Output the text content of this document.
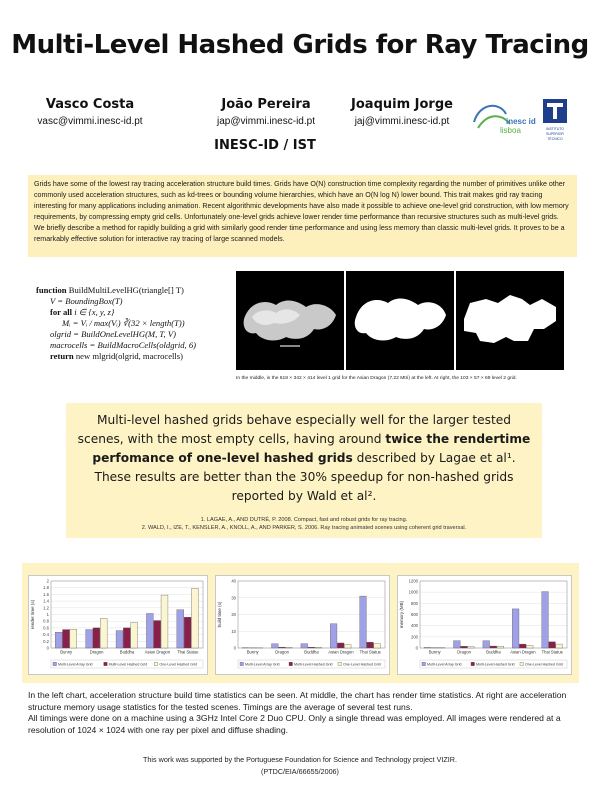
Multi-Level Hashed Grids for Ray Tracing
Vasco Costa
vasc@vimmi.inesc-id.pt
João Pereira
jap@vimmi.inesc-id.pt
Joaquim Jorge
jaj@vimmi.inesc-id.pt
INESC-ID / IST
inesc id
lisboa	INSTITUTO
SUPERIOR
TÉCNICO
Grids have some of the lowest ray tracing acceleration structure build times. Grids have O(N) construction time complexity regarding the number of primitives unlike other commonly used acceleration structures, such as kd-trees or bounding volume hierarchies, which have an O(N log N) lower bound. This trait makes grid ray tracing interesting for many applications including animation. Recent algorithmic developments have also made it possible to achieve one-level grid construction, with low memory requirements, by compressing empty grid cells. Unfortunately one-level grids achieve lower render time performance than recursive structures such as multi-level grids. We briefly describe a method for rapidly building a grid with similarly good render time performance and using less memory than classic multi-level grids. It proves to be a remarkably effective solution for interactive ray tracing of large scanned models.
function BuildMultiLevelHG(triangle[] T)
V = BoundingBox(T)
for all i ∈ {x, y, z}
Mᵢ = Vᵢ / max(Vᵢ) ∛(32 × length(T))
olgrid = BuildOneLevelHG(M, T, V)
macrocells = BuildMacroCells(oldgrid, 6)
return new mlgrid(olgrid, macrocells)
In the middle, is the 618 × 342 × 414 level 1 grid for the Asian Dragon (7.22 Mtri) at the left. At right, the 103 × 57 × 69 level 2 grid.
Multi-level hashed grids behave especially well for the larger tested scenes, with the most empty cells, having around twice the rendertime perfomance of one-level hashed grids described by Lagae et al¹. These results are better than the 30% speedup for non-hashed grids reported by Wald et al².
1. LAGAE, A., AND DUTRÉ, P. 2008. Compact, fast and robust grids for ray tracing.
2. WALD, I., IZE, T., KENSLER, A., KNOLL, A., AND PARKER, S. 2006. Ray tracing animated scenes using coherent grid traversal.
render time (s)
0
0.2
0.4
0.6
0.8
1
1.2
1.4
1.6
1.8
2
Bunny	Dragon	Buddha Asian Dragon Thai Statue
Multi-Level Array Grid	Multi-Level Hashed Grid	One-Level Hashed Grid
build time (s)
0
10
20
30
40
Bunny	Dragon	Buddha Asian Dragon Thai Statue
Multi-Level Array Grid	Multi-Level Hashed Grid	One-Level Hashed Grid
memory (MB)
0
200
400
600
800
1000
1200
Bunny	Dragon	Buddha Asian Dragon Thai Statue
Multi-Level Array Grid	Multi-Level Hashed Grid	One-Level Hashed Grid
In the left chart, acceleration structure build time statistics can be seen. At middle, the chart has render time statistics. At right are acceleration structure memory usage statistics for the tested scenes. Timings are the average of several test runs.
All timings were done on a machine using a 3GHz Intel Core 2 Duo CPU. Only a single thread was employed. All images were rendered at a resolution of 1024 × 1024 with one ray per pixel and diffuse shading.
This work was supported by the Portuguese Foundation for Science and Technology project VIZIR.
(PTDC/EIA/66655/2006)
